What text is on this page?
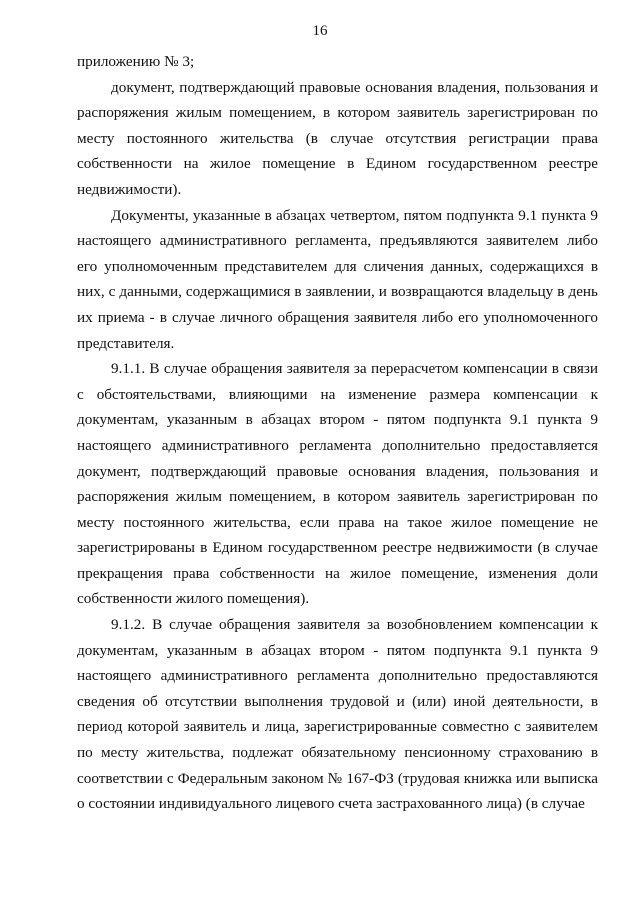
16

приложению № 3;

документ, подтверждающий правовые основания владения, пользования и распоряжения жилым помещением, в котором заявитель зарегистрирован по месту постоянного жительства (в случае отсутствия регистрации права собственности на жилое помещение в Едином государственном реестре недвижимости).

Документы, указанные в абзацах четвертом, пятом подпункта 9.1 пункта 9 настоящего административного регламента, предъявляются заявителем либо его уполномоченным представителем для сличения данных, содержащихся в них, с данными, содержащимися в заявлении, и возвращаются владельцу в день их приема - в случае личного обращения заявителя либо его уполномоченного представителя.

9.1.1. В случае обращения заявителя за перерасчетом компенсации в связи с обстоятельствами, влияющими на изменение размера компенсации к документам, указанным в абзацах втором - пятом подпункта 9.1 пункта 9 настоящего административного регламента дополнительно предоставляется документ, подтверждающий правовые основания владения, пользования и распоряжения жилым помещением, в котором заявитель зарегистрирован по месту постоянного жительства, если права на такое жилое помещение не зарегистрированы в Едином государственном реестре недвижимости (в случае прекращения права собственности на жилое помещение, изменения доли собственности жилого помещения).

9.1.2. В случае обращения заявителя за возобновлением компенсации к документам, указанным в абзацах втором - пятом подпункта 9.1 пункта 9 настоящего административного регламента дополнительно предоставляются сведения об отсутствии выполнения трудовой и (или) иной деятельности, в период которой заявитель и лица, зарегистрированные совместно с заявителем по месту жительства, подлежат обязательному пенсионному страхованию в соответствии с Федеральным законом № 167-ФЗ (трудовая книжка или выписка о состоянии индивидуального лицевого счета застрахованного лица) (в случае
